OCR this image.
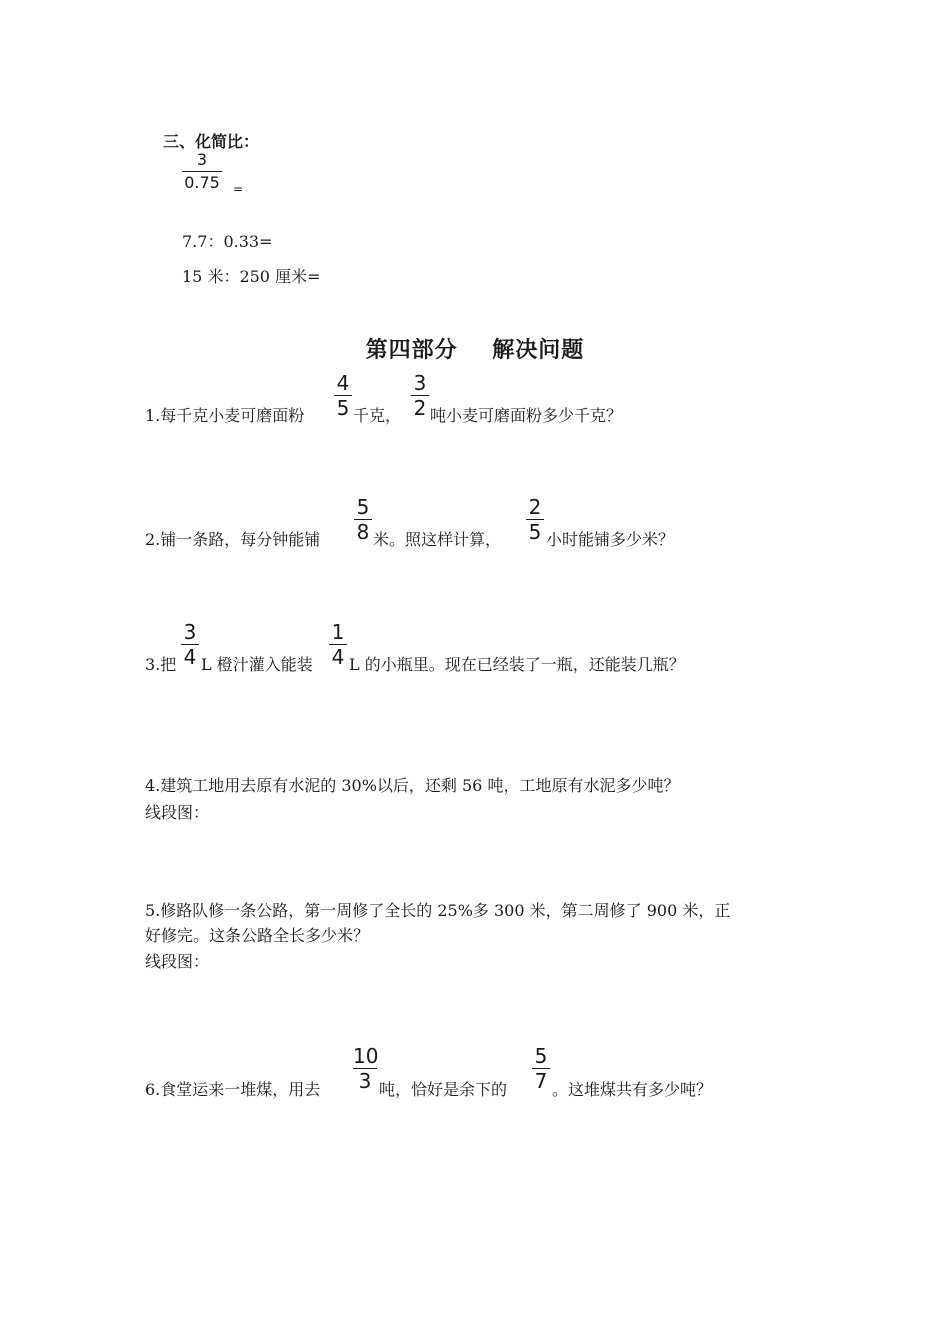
三、化简比：
3
0.75 =
7.7：0.33=
15 米：250 厘米=
第四部分    解决问题
1.每千克小麦可磨面粉
4
5 千克，
3
2 吨小麦可磨面粉多少千克？
2.铺一条路，每分钟能铺
5
8 米。照这样计算，
2
5 小时能铺多少米？
3.把
3
4 L 橙汁灌入能装
1
4 L 的小瓶里。现在已经装了一瓶，还能装几瓶？
4.建筑工地用去原有水泥的 30%以后，还剩 56 吨，工地原有水泥多少吨？
线段图：
5.修路队修一条公路，第一周修了全长的 25%多 300 米，第二周修了 900 米，正
好修完。这条公路全长多少米？
线段图：
6.食堂运来一堆煤，用去
10
3 吨，恰好是余下的
5
7 。这堆煤共有多少吨？
